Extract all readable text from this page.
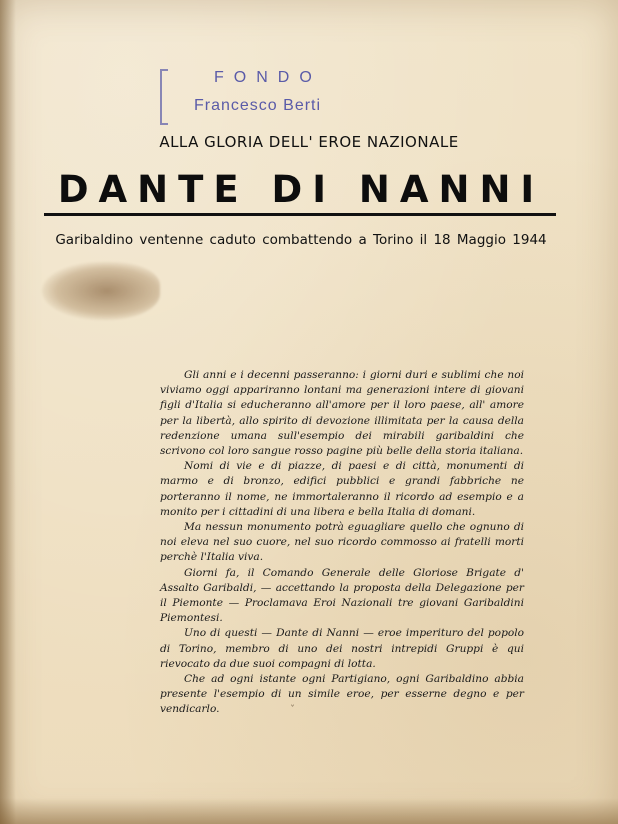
FONDO
Francesco Berti
ALLA GLORIA DELL' EROE NAZIONALE
DANTE DI NANNI
Garibaldino ventenne caduto combattendo a Torino il 18 Maggio 1944

Gli anni e i decenni passeranno: i giorni duri e sublimi che noi viviamo oggi appariranno lontani ma generazioni intere di giovani figli d'Italia si educheranno all'amore per il loro paese, all' amore per la libertà, allo spirito di devozione illimitata per la causa della redenzione umana sull'esempio dei mirabili garibaldini che scrivono col loro sangue rosso pagine più belle della storia italiana.

Nomi di vie e di piazze, di paesi e di città, monumenti di marmo e di bronzo, edifici pubblici e grandi fabbriche ne porteranno il nome, ne immortaleranno il ricordo ad esempio e a monito per i cittadini di una libera e bella Italia di domani.

Ma nessun monumento potrà eguagliare quello che ognuno di noi eleva nel suo cuore, nel suo ricordo commosso ai fratelli morti perchè l'Italia viva.

Giorni fa, il Comando Generale delle Gloriose Brigate d' Assalto Garibaldi, — accettando la proposta della Delegazione per il Piemonte — Proclamava Eroi Nazionali tre giovani Garibaldini Piemontesi.

Uno di questi — Dante di Nanni — eroe imperituro del popolo di Torino, membro di uno dei nostri intrepidi Gruppi è qui rievocato da due suoi compagni di lotta.

Che ad ogni istante ogni Partigiano, ogni Garibaldino abbia presente l'esempio di un simile eroe, per esserne degno e per vendicarlo.	ˇ
